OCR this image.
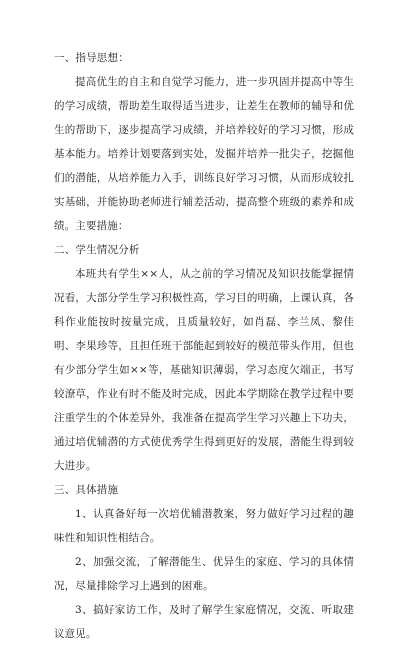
一、指导思想：

提高优生的自主和自觉学习能力，进一步巩固并提高中等生的学习成绩，帮助差生取得适当进步，让差生在教师的辅导和优生的帮助下，逐步提高学习成绩，并培养较好的学习习惯，形成基本能力。培养计划要落到实处，发掘并培养一批尖子，挖掘他们的潜能，从培养能力入手，训练良好学习习惯，从而形成较扎实基础，并能协助老师进行辅差活动，提高整个班级的素养和成绩。主要措施：

二、学生情况分析

本班共有学生××人，从之前的学习情况及知识技能掌握情况看，大部分学生学习积极性高，学习目的明确，上课认真，各科作业能按时按量完成，且质量较好，如肖磊、李兰凤、黎佳明、李果珍等，且担任班干部能起到较好的模范带头作用，但也有少部分学生如××等，基础知识薄弱，学习态度欠端正，书写较潦草，作业有时不能及时完成，因此本学期除在教学过程中要注重学生的个体差异外，我准备在提高学生学习兴趣上下功夫，通过培优辅潜的方式使优秀学生得到更好的发展，潜能生得到较大进步。

三、具体措施

1、认真备好每一次培优辅潜教案，努力做好学习过程的趣味性和知识性相结合。

2、加强交流，了解潜能生、优异生的家庭、学习的具体情况，尽量排除学习上遇到的困难。

3、搞好家访工作，及时了解学生家庭情况，交流、听取建议意见。
